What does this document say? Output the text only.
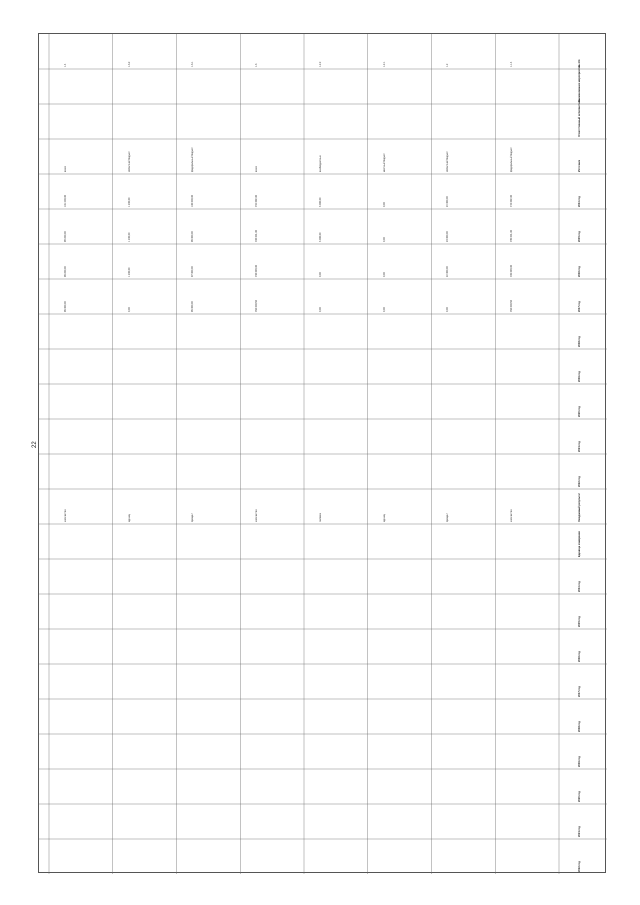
22
№ п/п
Наименование мероприятия
Ответственный исполнитель
Источник
2014 год
2015 год
2016 год
2017 год
2018 год
2019 год
2020 год
2021 год
2022 год
Ожидаемый результат
Единица измерения
2014 год
2015 год
2016 год
2017 год
2018 год
2019 год
2020 год
2021 год
2022 год
1.1.4
федеральный бюджет
715 092,00
705 001,00
726 090,00
763 000,50
количество
1.2
областной бюджет
24 000,00
20 000,00
22 000,00
0,00
процент
1.2.1
местный бюджет
0,00
0,00
0,00
0,00
единиц
1.2.2
внебюджетные
3 000,00
3 000,00
0,00
0,00
человек
1.3
всего
742 092,00
728 001,00
748 090,00
763 000,50
количество
1.3.1
федеральный бюджет
100 000,00
98 000,00
97 000,00
96 000,00
процент
1.3.2
областной бюджет
1 200,00
1 200,00
1 200,00
0,00
единиц
1.4
всего
101 200,00
99 200,00
98 200,00
96 000,00
количество
